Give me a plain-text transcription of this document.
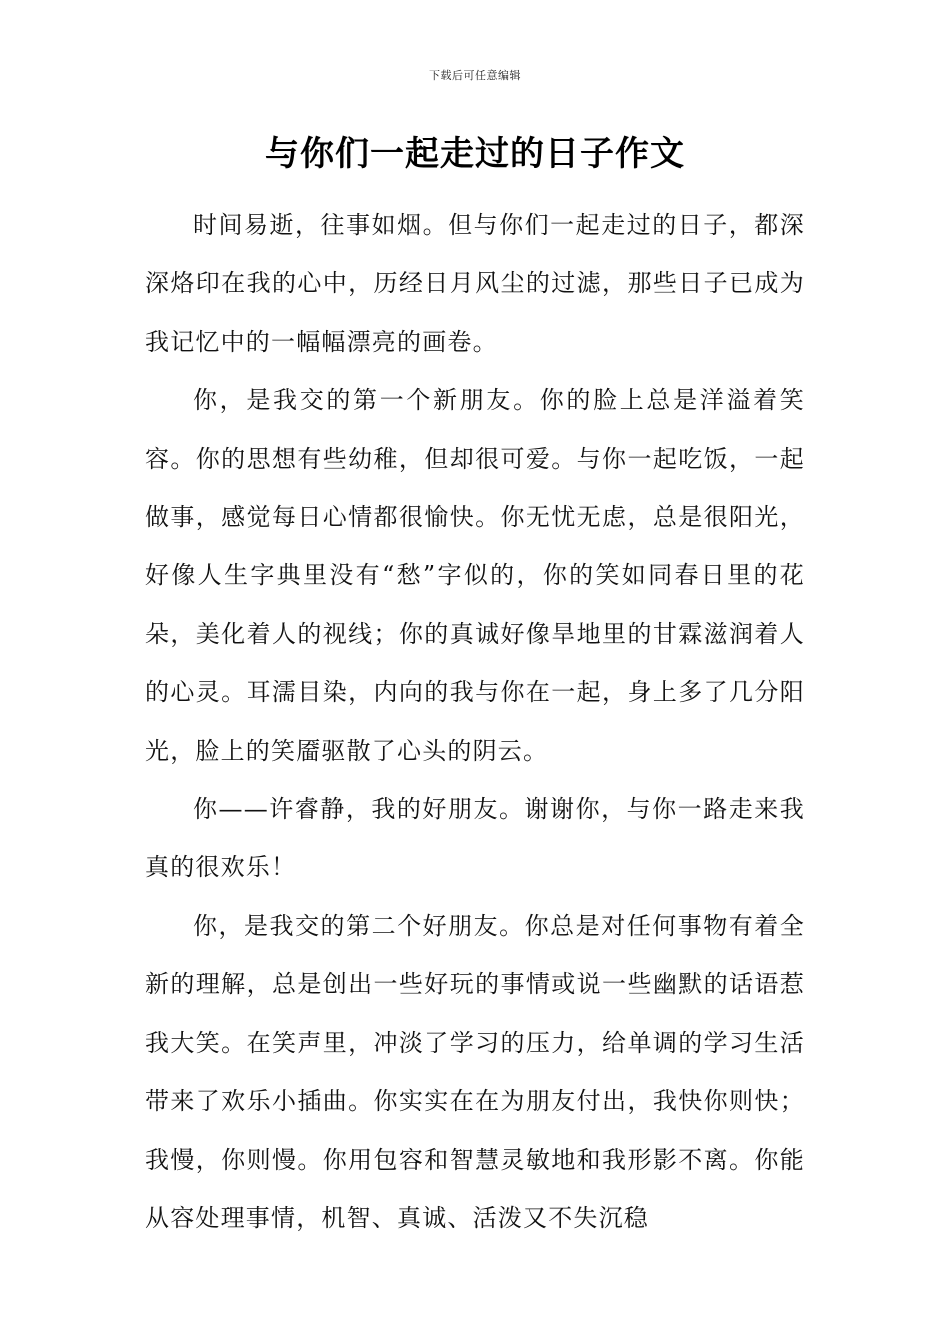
下载后可任意编辑
与你们一起走过的日子作文

时间易逝，往事如烟。但与你们一起走过的日子，都深深烙印在我的心中，历经日月风尘的过滤，那些日子已成为我记忆中的一幅幅漂亮的画卷。

你，是我交的第一个新朋友。你的脸上总是洋溢着笑容。你的思想有些幼稚，但却很可爱。与你一起吃饭，一起做事，感觉每日心情都很愉快。你无忧无虑，总是很阳光，好像人生字典里没有“愁”字似的，你的笑如同春日里的花朵，美化着人的视线；你的真诚好像旱地里的甘霖滋润着人的心灵。耳濡目染，内向的我与你在一起，身上多了几分阳光，脸上的笑靥驱散了心头的阴云。

你——许睿静，我的好朋友。谢谢你，与你一路走来我真的很欢乐！

你，是我交的第二个好朋友。你总是对任何事物有着全新的理解，总是创出一些好玩的事情或说一些幽默的话语惹我大笑。在笑声里，冲淡了学习的压力，给单调的学习生活带来了欢乐小插曲。你实实在在为朋友付出，我快你则快；我慢，你则慢。你用包容和智慧灵敏地和我形影不离。你能从容处理事情，机智、真诚、活泼又不失沉稳
